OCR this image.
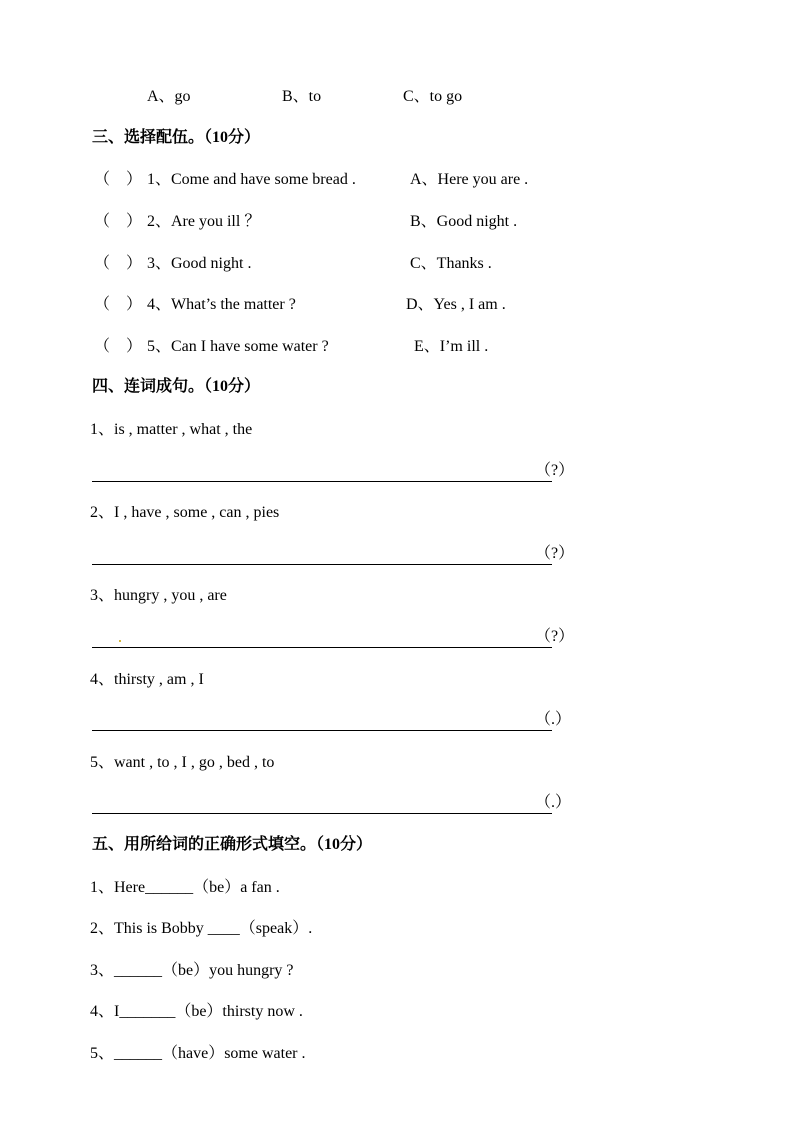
A、go	B、to	C、to go
三、选择配伍。（10分）
（　） 1、Come and have some bread .	A、Here you are .
（　） 2、Are you ill ？	B、Good night .
（　） 3、Good night .	C、Thanks .
（　） 4、What’s the matter ?	D、Yes , I am .
（　） 5、Can I have some water ?	E、I’m ill .
四、连词成句。（10分）
1、is , matter , what , the
（?）
2、I , have , some , can , pies
（?）
3、hungry , you , are
（?）
4、thirsty , am , I
（.）
5、want , to , I , go , bed , to
（.）
五、用所给词的正确形式填空。（10分）
1、Here______（be）a fan .
2、This is Bobby ____（speak）.
3、______（be）you hungry ?
4、I_______（be）thirsty now .
5、______（have）some water .
